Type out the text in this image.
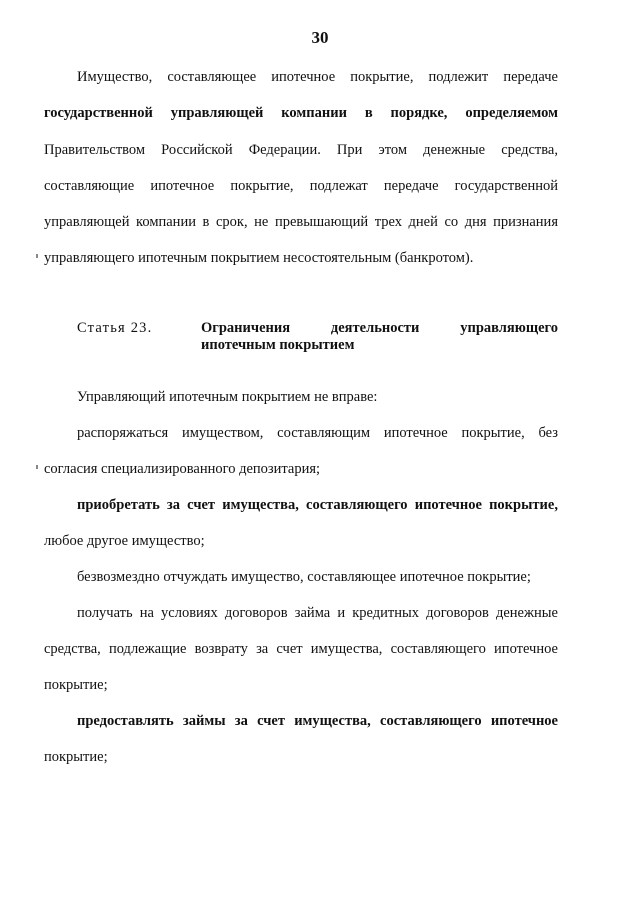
30
Имущество, составляющее ипотечное покрытие, подлежит передаче
государственной управляющей компании в порядке, определяемом
Правительством Российской Федерации. При этом денежные средства,
составляющие ипотечное покрытие, подлежат передаче государственной
управляющей компании в срок, не превышающий трех дней со дня признания
управляющего ипотечным покрытием несостоятельным (банкротом).
Статья 23.	Ограничения	деятельности	управляющего
ипотечным покрытием
Управляющий ипотечным покрытием не вправе:
распоряжаться имуществом, составляющим ипотечное покрытие, без
согласия специализированного депозитария;
приобретать за счет имущества, составляющего ипотечное покрытие,
любое другое имущество;
безвозмездно отчуждать имущество, составляющее ипотечное покрытие;
получать на условиях договоров займа и кредитных договоров денежные
средства, подлежащие возврату за счет имущества, составляющего ипотечное
покрытие;
предоставлять займы за счет имущества, составляющего ипотечное
покрытие;
